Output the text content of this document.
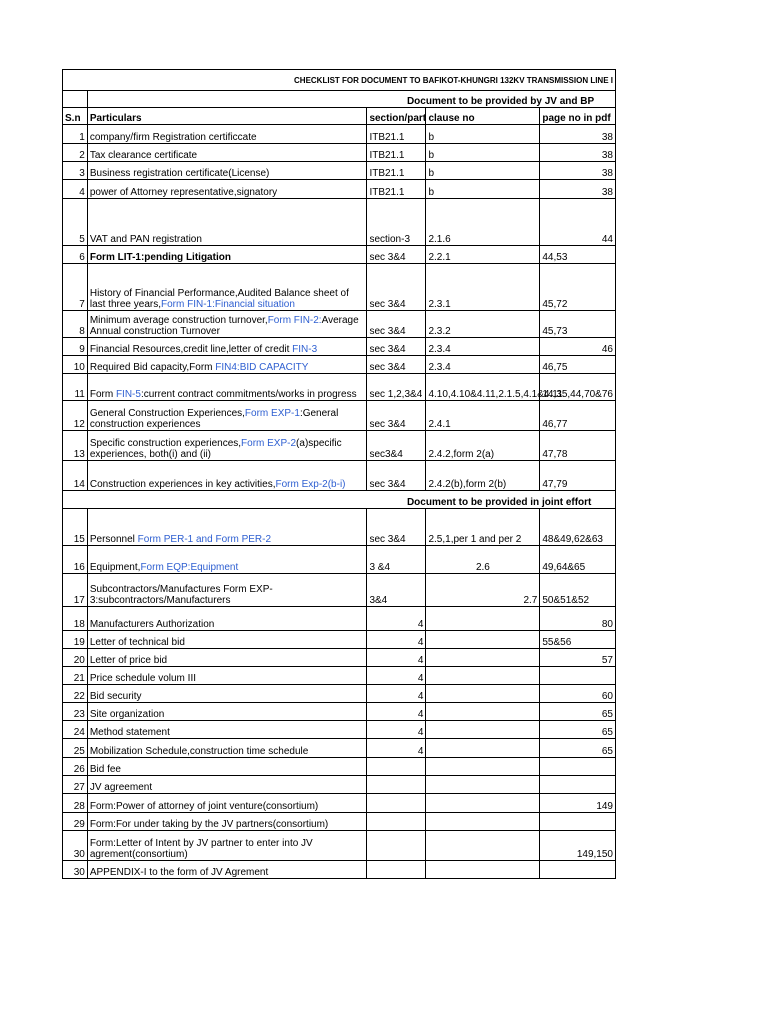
CHECKLIST FOR DOCUMENT TO BAFIKOT-KHUNGRI 132KV TRANSMISSION LINE I				
		Document to be provided by JV and BP		
S.n	Particulars	section/part	clause no	page no in pdf
1	company/firm Registration certificcate	ITB21.1	b	38
2	Tax clearance certificate	ITB21.1	b	38
3	Business registration certificate(License)	ITB21.1	b	38
4	power of Attorney representative,signatory	ITB21.1	b	38
5	VAT and PAN registration	section-3	2.1.6	44
6	Form LIT-1:pending Litigation	sec 3&4	2.2.1	44,53
7	History of Financial Performance,Audited Balance sheet of last three years,Form FIN-1:Financial situation	sec 3&4	2.3.1	45,72
8	Minimum average construction turnover,Form FIN-2:Average Annual construction Turnover	sec 3&4	2.3.2	45,73
9	Financial Resources,credit line,letter of credit FIN-3	sec 3&4	2.3.4	46
10	Required Bid capacity,Form FIN4:BID CAPACITY	sec 3&4	2.3.4	46,75
11	Form FIN-5:current contract commitments/works in progress	sec 1,2,3&4	4.10,4.10&4.11,2.1.5,4.1&4.11	14,35,44,70&76
12	General Construction Experiences,Form EXP-1:General construction experiences	sec 3&4	2.4.1	46,77
13	Specific construction experiences,Form EXP-2(a)specific experiences, both(i) and (ii)	sec3&4	2.4.2,form 2(a)	47,78
14	Construction experiences in key activities,Form Exp-2(b-i)	sec 3&4	2.4.2(b),form 2(b)	47,79
		Document to be provided in joint effort		
15	Personnel Form PER-1 and Form PER-2	sec 3&4	2.5,1,per 1 and per 2	48&49,62&63
16	Equipment,Form EQP:Equipment	3 &4	2.6	49,64&65
17	Subcontractors/Manufactures Form EXP-3:subcontractors/Manufacturers	3&4	2.7	50&51&52
18	Manufacturers Authorization	4		80
19	Letter of technical bid	4		55&56
20	Letter of price bid	4		57
21	Price schedule volum III	4		
22	Bid security	4		60
23	Site organization	4		65
24	Method statement	4		65
25	Mobilization Schedule,construction time schedule	4		65
26	Bid fee			
27	JV agreement			
28	Form:Power of attorney of joint venture(consortium)			149
29	Form:For under taking by the JV partners(consortium)			
30	Form:Letter of Intent by JV partner to enter into JV agrement(consortium)			149,150
30	APPENDIX-I to the form of JV Agrement			
